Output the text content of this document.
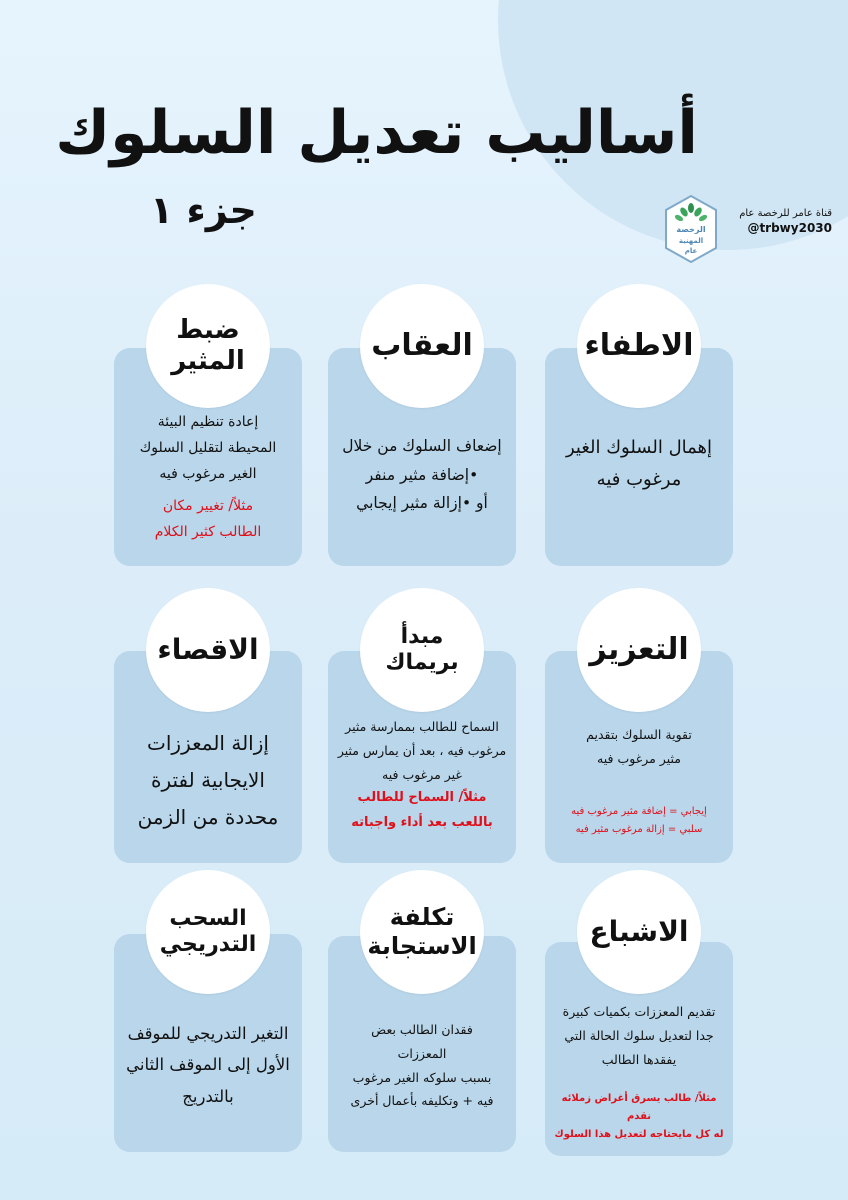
أساليب تعديل السلوك
جزء ١	قناة عامر للرخصة عام
@trbwy2030
الرخصة
المهنية
عام

إهمال السلوك الغير

مرغوب فيه

الاطفاء

إضعاف السلوك من خلال

•إضافة مثير منفر

أو •إزالة مثير إيجابي

العقاب

إعادة تنظيم البيئة

المحيطة لتقليل السلوك

الغير مرغوب فيه

مثلاً/ تغيير مكان

الطالب كثير الكلام

ضبط
المثير

تقوية السلوك بتقديم

مثير مرغوب فيه

إيجابي = إضافة مثير مرغوب فيه

سلبي = إزالة مرغوب مثير فيه

التعزيز

السماح للطالب بممارسة مثير

مرغوب فيه ، بعد أن يمارس مثير

غير مرغوب فيه

مثلاً/ السماح للطالب

باللعب بعد أداء واجباته

مبدأ
بريماك

إزالة المعززات

الايجابية لفترة

محددة من الزمن

الاقصاء

تقديم المعززات بكميات كبيرة

جدا لتعديل سلوك الحالة التي

يفقدها الطالب

مثلاً/ طالب يسرق أغراض زملائه نقدم

له كل مايحتاجه لتعديل هذا السلوك

الاشباع

فقدان الطالب بعض

المعززات

بسبب سلوكه الغير مرغوب

فيه + وتكليفه بأعمال أخرى

تكلفة
الاستجابة

التغير التدريجي للموقف

الأول إلى الموقف الثاني

بالتدريج

السحب
التدريجي
